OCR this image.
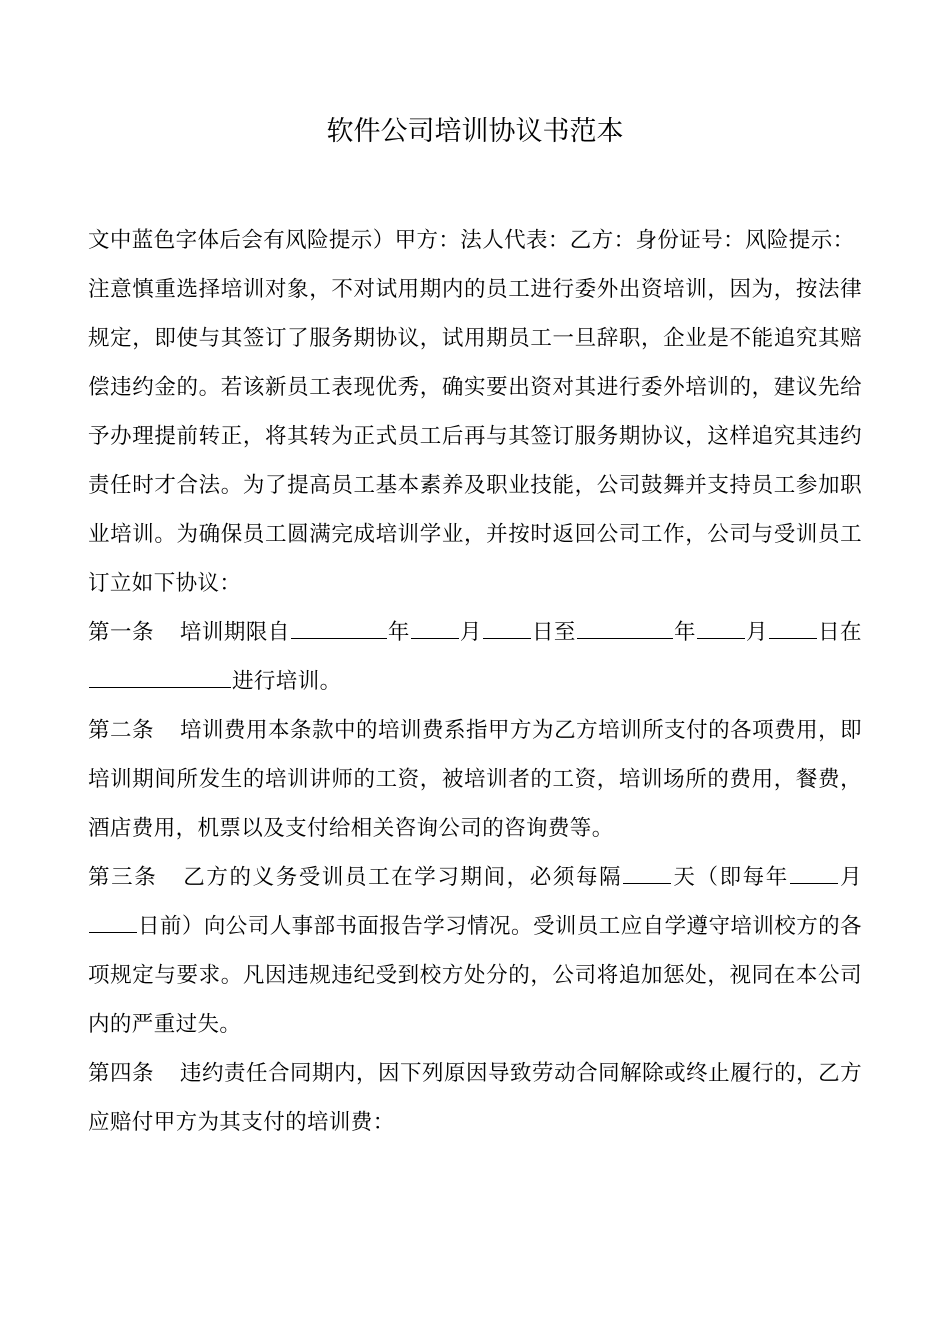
软件公司培训协议书范本

文中蓝色字体后会有风险提示）甲方：法人代表：乙方：身份证号：风险提示：

注意慎重选择培训对象，不对试用期内的员工进行委外出资培训，因为，按法律规定，即使与其签订了服务期协议，试用期员工一旦辞职，企业是不能追究其赔偿违约金的。若该新员工表现优秀，确实要出资对其进行委外培训的，建议先给予办理提前转正，将其转为正式员工后再与其签订服务期协议，这样追究其违约责任时才合法。为了提高员工基本素养及职业技能，公司鼓舞并支持员工参加职业培训。为确保员工圆满完成培训学业，并按时返回公司工作，公司与受训员工订立如下协议：

第一条 培训期限自	年 月 日至	年 月 日在进行培训。

第二条 培训费用本条款中的培训费系指甲方为乙方培训所支付的各项费用，即培训期间所发生的培训讲师的工资，被培训者的工资，培训场所的费用，餐费，酒店费用，机票以及支付给相关咨询公司的咨询费等。

第三条 乙方的义务受训员工在学习期间，必须每隔 天（即每年 月日前）向公司人事部书面报告学习情况。受训员工应自学遵守培训校方的各项规定与要求。凡因违规违纪受到校方处分的，公司将追加惩处，视同在本公司内的严重过失。

第四条 违约责任合同期内，因下列原因导致劳动合同解除或终止履行的，乙方应赔付甲方为其支付的培训费：
